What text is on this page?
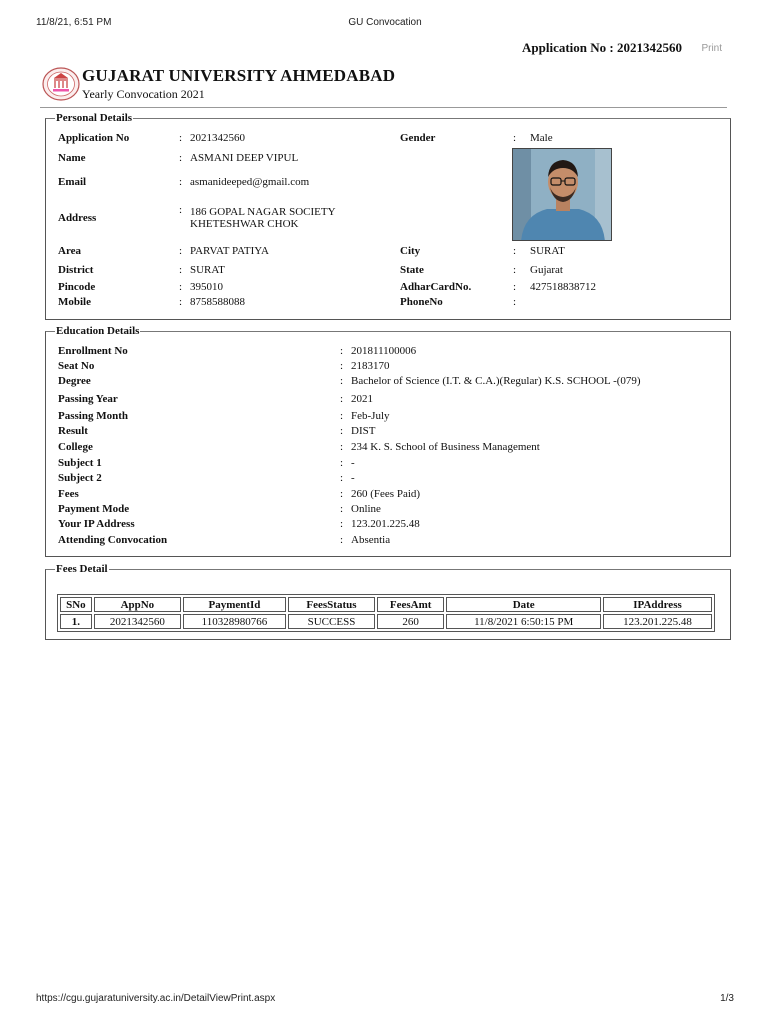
11/8/21, 6:51 PM	GU Convocation
Application No : 2021342560 Print
GUJARAT UNIVERSITY AHMEDABAD
Yearly Convocation 2021
Personal Details
Application No	: 2021342560	Gender	: Male
Name	: ASMANI DEEP VIPUL
Email	: asmanideeped@gmail.com
Address
: 186 GOPAL NAGAR SOCIETY
KHETESHWAR CHOK
Area	: PARVAT PATIYA	City	: SURAT
District	: SURAT	State	: Gujarat
Pincode	: 395010	AdharCardNo.	: 427518838712
Mobile	: 8758588088	PhoneNo	:
Education Details
Enrollment No	: 201811100006
Seat No	: 2183170
Degree	: Bachelor of Science (I.T. & C.A.)(Regular) K.S. SCHOOL -(079)
Passing Year	: 2021
Passing Month	: Feb-July
Result	: DIST
College	: 234 K. S. School of Business Management
Subject 1	: -
Subject 2	: -
Fees	: 260 (Fees Paid)
Payment Mode	: Online
Your IP Address	: 123.201.225.48
Attending Convocation	: Absentia
Fees Detail
SNo	AppNo	PaymentId	FeesStatus	FeesAmt	Date	IPAddress
1.	2021342560	110328980766	SUCCESS	260	11/8/2021 6:50:15 PM	123.201.225.48
https://cgu.gujaratuniversity.ac.in/DetailViewPrint.aspx	1/3
